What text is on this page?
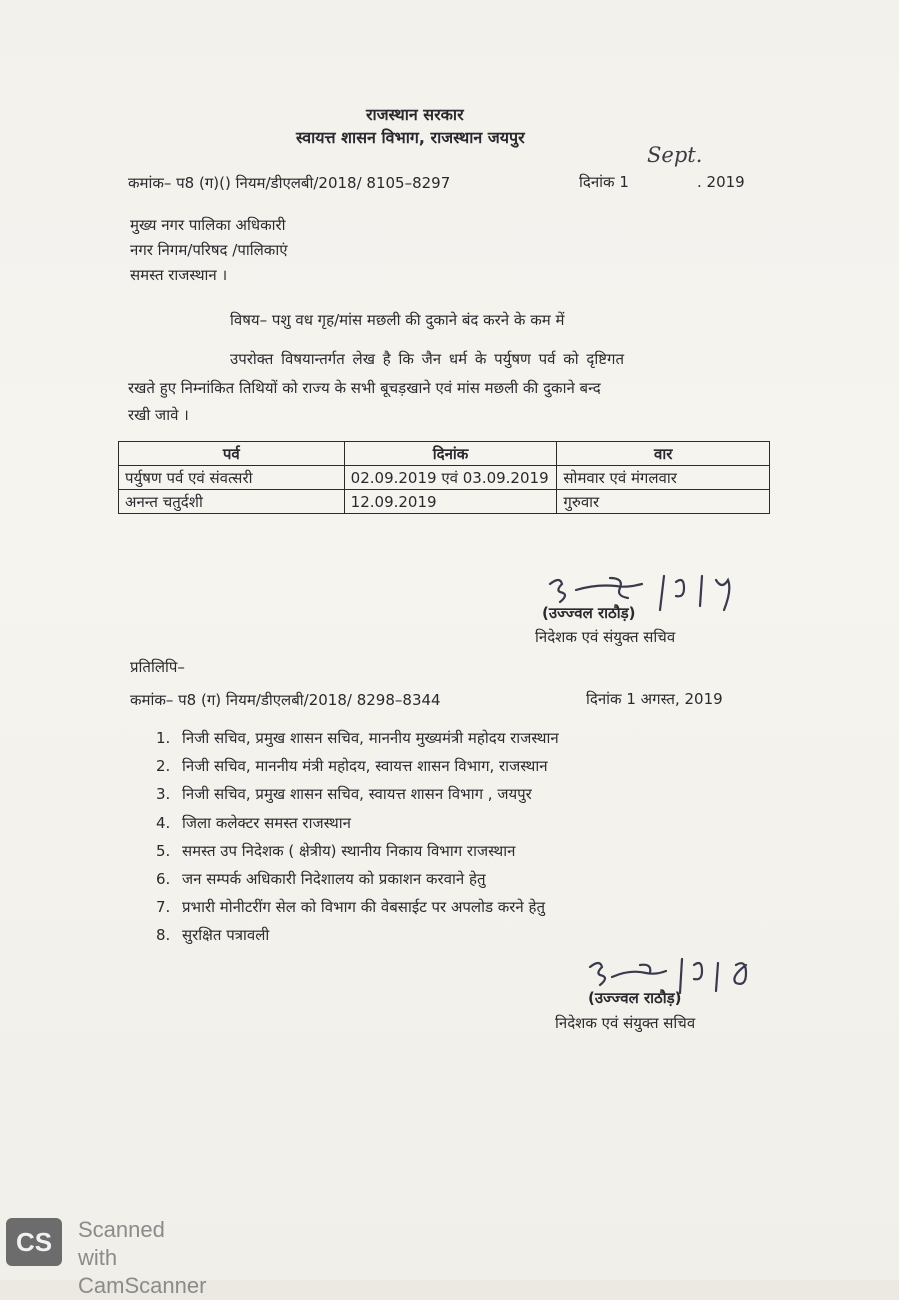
राजस्थान सरकार
स्वायत्त शासन विभाग, राजस्थान जयपुर
कमांक– प8 (ग)() नियम/डीएलबी/2018/ 8105–8297	दिनांक 1
Sept.
. 2019
मुख्य नगर पालिका अधिकारी
नगर निगम/परिषद /पालिकाएं
समस्त राजस्थान ।
विषय– पशु वध गृह/मांस मछली की दुकाने बंद करने के कम में
उपरोक्त विषयान्तर्गत लेख है कि जैन धर्म के पर्युषण पर्व को दृष्टिगत
रखते हुए निम्नांकित तिथियों को राज्य के सभी बूचड़खाने एवं मांस मछली की दुकाने बन्द
रखी जावे ।
पर्व	दिनांक	वार
पर्युषण पर्व एवं संवत्सरी	02.09.2019 एवं 03.09.2019	सोमवार एवं मंगलवार
अनन्त चतुर्दशी	12.09.2019	गुरुवार
(उज्ज्वल राठौड़)
निदेशक एवं संयुक्त सचिव
प्रतिलिपि–
कमांक– प8 (ग) नियम/डीएलबी/2018/ 8298–8344	दिनांक 1 अगस्त, 2019
1. निजी सचिव, प्रमुख शासन सचिव, माननीय मुख्यमंत्री महोदय राजस्थान
2. निजी सचिव, माननीय मंत्री महोदय, स्वायत्त शासन विभाग, राजस्थान
3. निजी सचिव, प्रमुख शासन सचिव, स्वायत्त शासन विभाग , जयपुर
4. जिला कलेक्टर समस्त राजस्थान
5. समस्त उप निदेशक ( क्षेत्रीय) स्थानीय निकाय विभाग राजस्थान
6. जन सम्पर्क अधिकारी निदेशालय को प्रकाशन करवाने हेतु
7. प्रभारी मोनीटरींग सेल को विभाग की वेबसाईट पर अपलोड करने हेतु
8. सुरक्षित पत्रावली
(उज्ज्वल राठौड़)
निदेशक एवं संयुक्त सचिव
CS	Scanned with
CamScanner
